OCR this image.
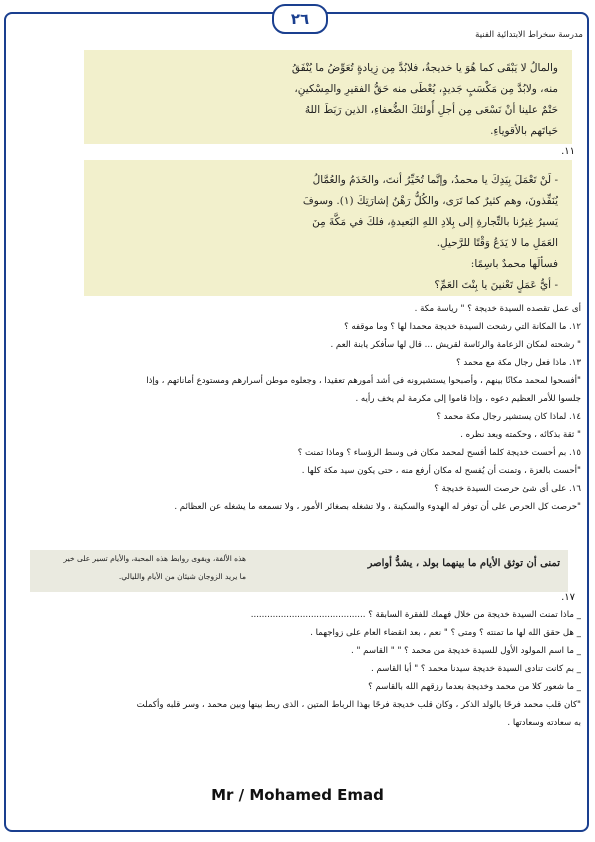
٢٦
مدرسة سخراط الابتدائية الفنية
والمالُ لا يَبْقَى كما هُوَ يا خديجةُ، فلابُدَّ مِن زِيادةٍ تُعَوِّضُ ما يُنْفَقُ
منه، ولابُدَّ مِن مَكْسَبٍ جَديدٍ، يُعْطَى منه حَقُّ الفقيرِ والمِسْكينِ،
حَتْمٌ علينا أنْ نَسْعَى مِن أجلِ أُولئكَ الضُّعفاءِ، الذين رَبَطَ اللهُ
حَياتَهم بالأقوياءِ.
١١.
- لَنْ تَعْمَلَ بِيَدِكَ يا محمدُ، وإنَّما تُخَيِّرُ أنتَ، والخَدَمُ والعُمَّالُ
يُنَفِّذونَ، وهم كثيرٌ كما تَرَى، والكُلُّ رَهْنُ إشارَتِكَ (١). وسوفَ
يَسيرُ غِيرُنا بالتِّجارةِ إلى بِلادِ اللهِ البَعيدةِ، فلكَ في مَكَّةَ مِنَ
العَمَلِ ما لا يَدَعُ وَقْتًا للرَّحيلِ.
فسألَها محمدٌ باسِمًا:
- أيُّ عَمَلٍ تَعْنينَ يا بِنْتَ العَمِّ؟
أى عمل تقصده السيدة خديجة ؟ " رياسة مكة .
١٢. ما المكانة التي رشحت السيدة خديجة محمدا لها ؟ وما موقفه ؟
" رشحته لمكان الزعامة والرئاسة لقريش ... قال لها سأفكر يابنة العم .
١٣. ماذا فعل رجال مكة مع محمد ؟
"أفسحوا لمحمد مكانًا بينهم ، وأصبحوا يستشيرونه فى أشد أمورهم تعقيدا ، وجعلوه موطن أسرارهم ومستودع أماناتهم ، وإذا
جلسوا للأمر العظيم دعوه ، وإذا قاموا إلى مكرمة لم يخف رأيه .
١٤. لماذا كان يستشير رجال مكة محمد ؟
" ثقة بذكائه ، وحكمته وبعد نظره .
١٥. بم أحست خديجة كلما أفسح لمحمد مكان فى وسط الرؤساء ؟ وماذا تمنت ؟
"أحست بالعزة ، وتمنت أن يُفسح له مكان أرفع منه ، حتى يكون سيد مكة كلها .
١٦. على أى شئ حرصت السيدة خديجة ؟
"حرصت كل الحرص على أن توفر له الهدوء والسكينة ، ولا تشغله بصغائر الأمور ، ولا تسمعه ما يشغله عن العظائم .
تمنى أن توثق الأيام ما بينهما بولد ، يشدُّ أواصر
هذه الألفة، ويقوى روابط هذه المحبة، والأيام تسير على خير
ما يريد الزوجان شيئان من الأيام والليالي.
١٧.
_ ماذا تمنت السيدة خديجة من خلال فهمك للفقرة السابقة ؟ ..........................................
_ هل حقق الله لها ما تمنته ؟ ومتى ؟ " نعم ، بعد انقضاء العام على زواجهما .
_ ما اسم المولود الأول للسيدة خديجة من محمد ؟ " " القاسم " .
_ بم كانت تنادى السيدة خديجة سيدنا محمد ؟ " أبا القاسم .
_ ما شعور كلا من محمد وخديجة بعدما رزقهم الله بالقاسم ؟
"كان قلب محمد فرحًا بالولد الذكر ، وكان قلب خديجة فرحًا بهذا الرباط المتين ، الذى ربط بينها وبين محمد ، وسر قلبه وأكملت
به سعادته وسعادتها .
Mr / Mohamed Emad
